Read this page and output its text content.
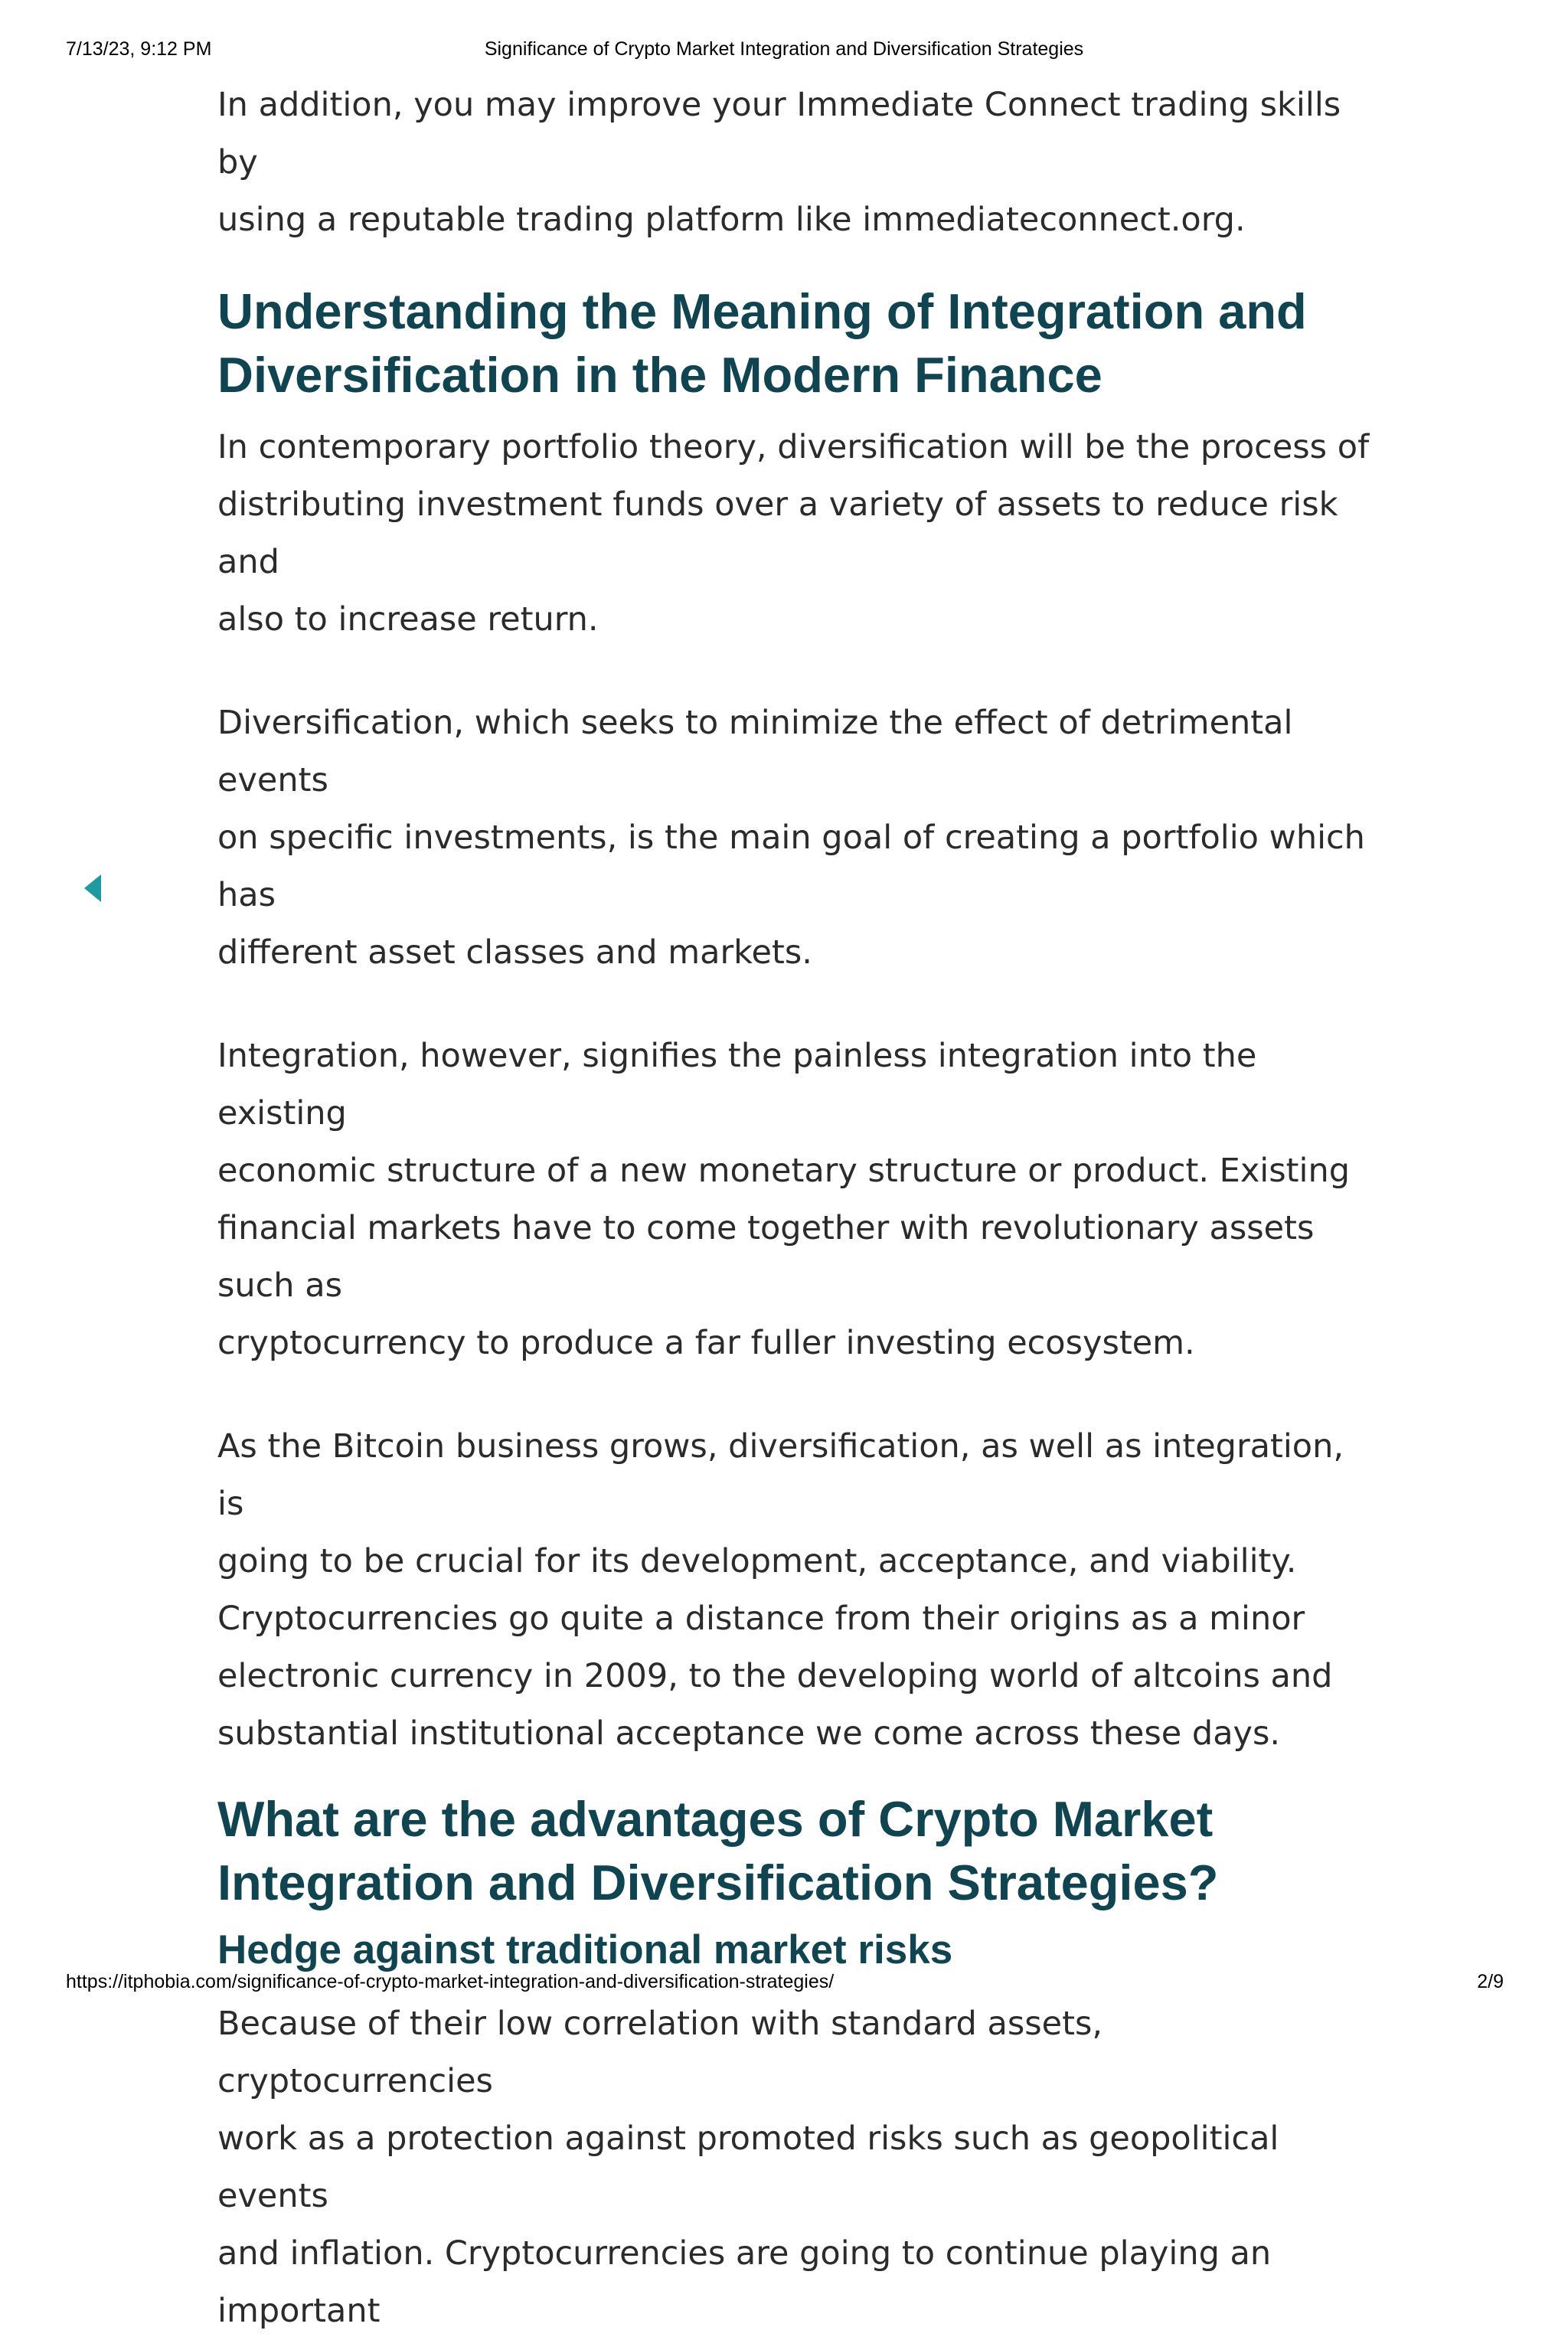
Significance of Crypto Market Integration and Diversification Strategies
7/13/23, 9:12 PM

In addition, you may improve your Immediate Connect trading skills by
using a reputable trading platform like immediateconnect.org.

Understanding the Meaning of Integration and
Diversification in the Modern Finance

In contemporary portfolio theory, diversification will be the process of
distributing investment funds over a variety of assets to reduce risk and
also to increase return.

Diversification, which seeks to minimize the effect of detrimental events
on specific investments, is the main goal of creating a portfolio which has
different asset classes and markets.

Integration, however, signifies the painless integration into the existing
economic structure of a new monetary structure or product. Existing
financial markets have to come together with revolutionary assets such as
cryptocurrency to produce a far fuller investing ecosystem.

As the Bitcoin business grows, diversification, as well as integration, is
going to be crucial for its development, acceptance, and viability.
Cryptocurrencies go quite a distance from their origins as a minor
electronic currency in 2009, to the developing world of altcoins and
substantial institutional acceptance we come across these days.

What are the advantages of Crypto Market
Integration and Diversification Strategies?
Hedge against traditional market risks

Because of their low correlation with standard assets, cryptocurrencies
work as a protection against promoted risks such as geopolitical events
and inflation. Cryptocurrencies are going to continue playing an important

https://itphobia.com/significance-of-crypto-market-integration-and-diversification-strategies/	2/9
